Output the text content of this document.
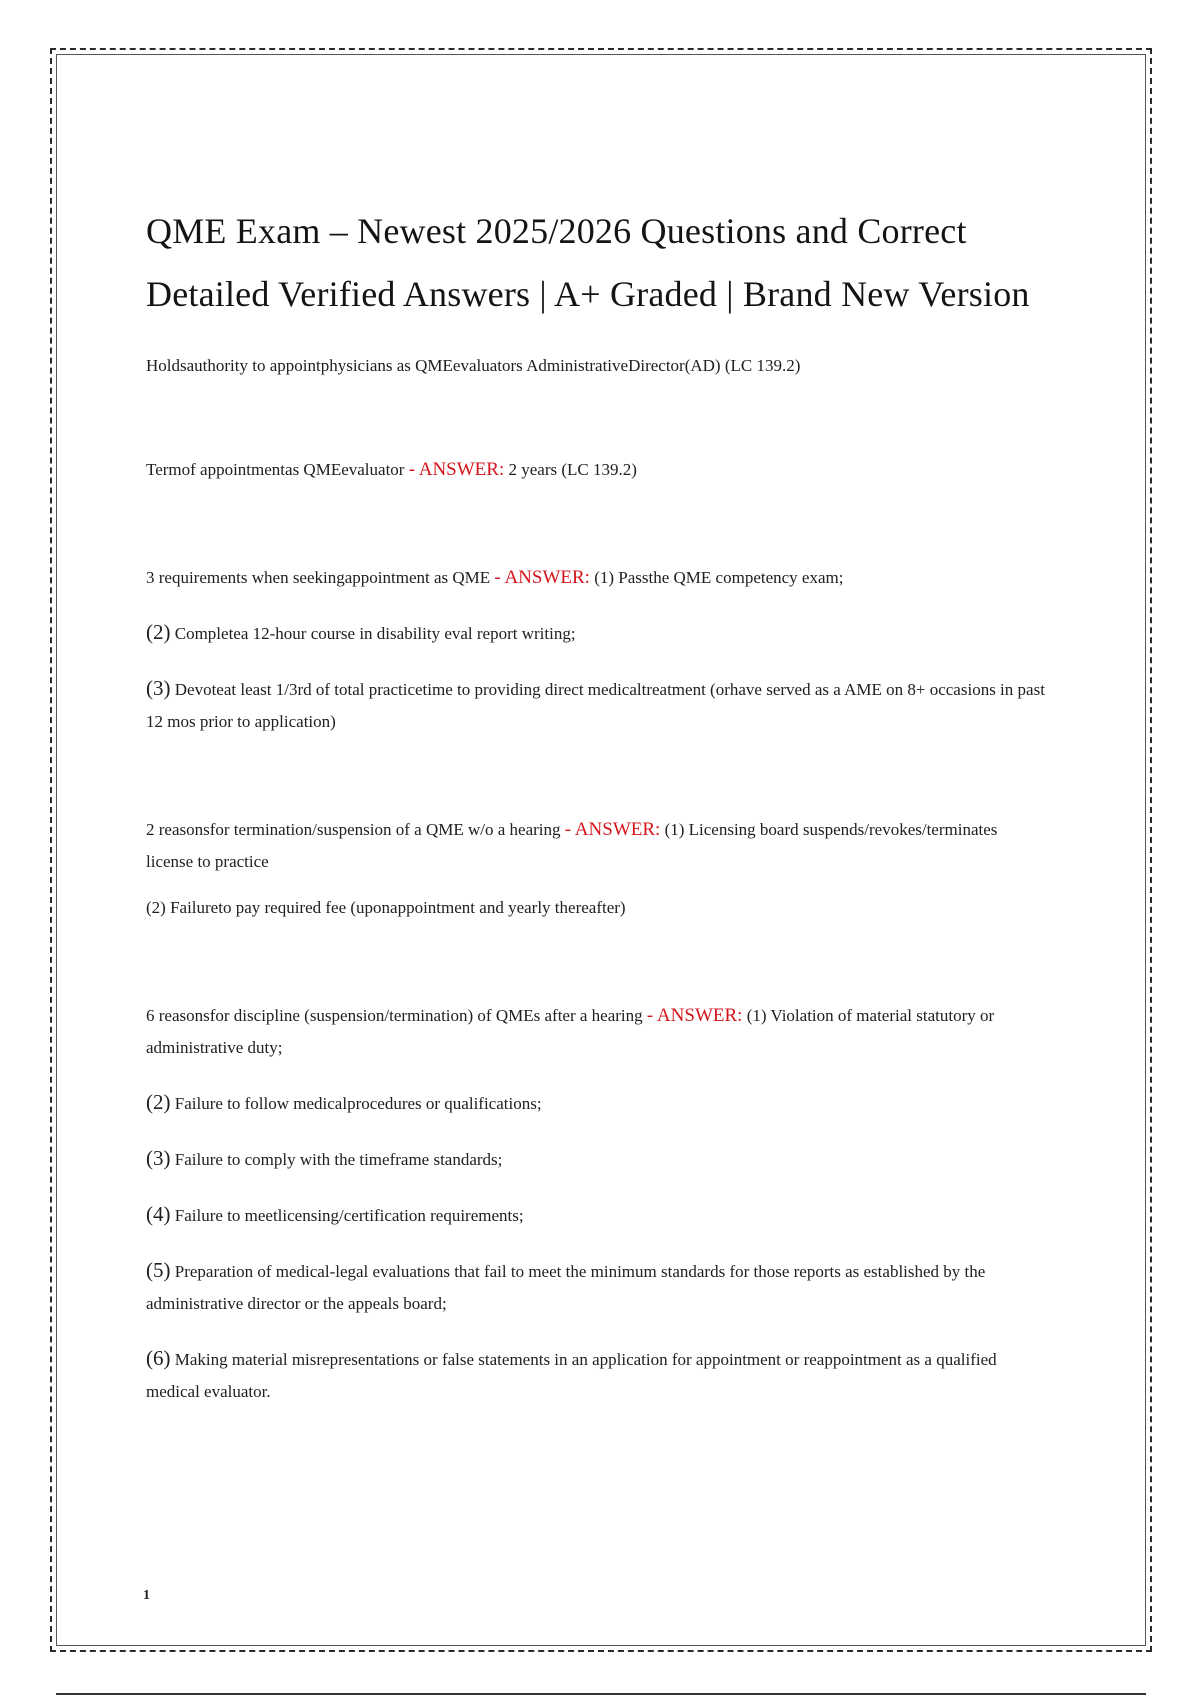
QME Exam – Newest 2025/2026 Questions and Correct Detailed Verified Answers | A+ Graded | Brand New Version

Holdsauthority to appointphysicians as QMEevaluators AdministrativeDirector(AD) (LC 139.2)

Termof appointmentas QMEevaluator - ANSWER: 2 years (LC 139.2)

3 requirements when seekingappointment as QME - ANSWER: (1) Passthe QME competency exam;

(2) Completea 12-hour course in disability eval report writing;

(3) Devoteat least 1/3rd of total practicetime to providing direct medicaltreatment (orhave served as a AME on 8+ occasions in past 12 mos prior to application)

2 reasonsfor termination/suspension of a QME w/o a hearing - ANSWER: (1) Licensing board suspends/revokes/terminates license to practice

(2) Failureto pay required fee (uponappointment and yearly thereafter)

6 reasonsfor discipline (suspension/termination) of QMEs after a hearing - ANSWER: (1) Violation of material statutory or administrative duty;

(2) Failure to follow medicalprocedures or qualifications;

(3) Failure to comply with the timeframe standards;

(4) Failure to meetlicensing/certification requirements;

(5) Preparation of medical-legal evaluations that fail to meet the minimum standards for those reports as established by the administrative director or the appeals board;

(6) Making material misrepresentations or false statements in an application for appointment or reappointment as a qualified medical evaluator.

1
